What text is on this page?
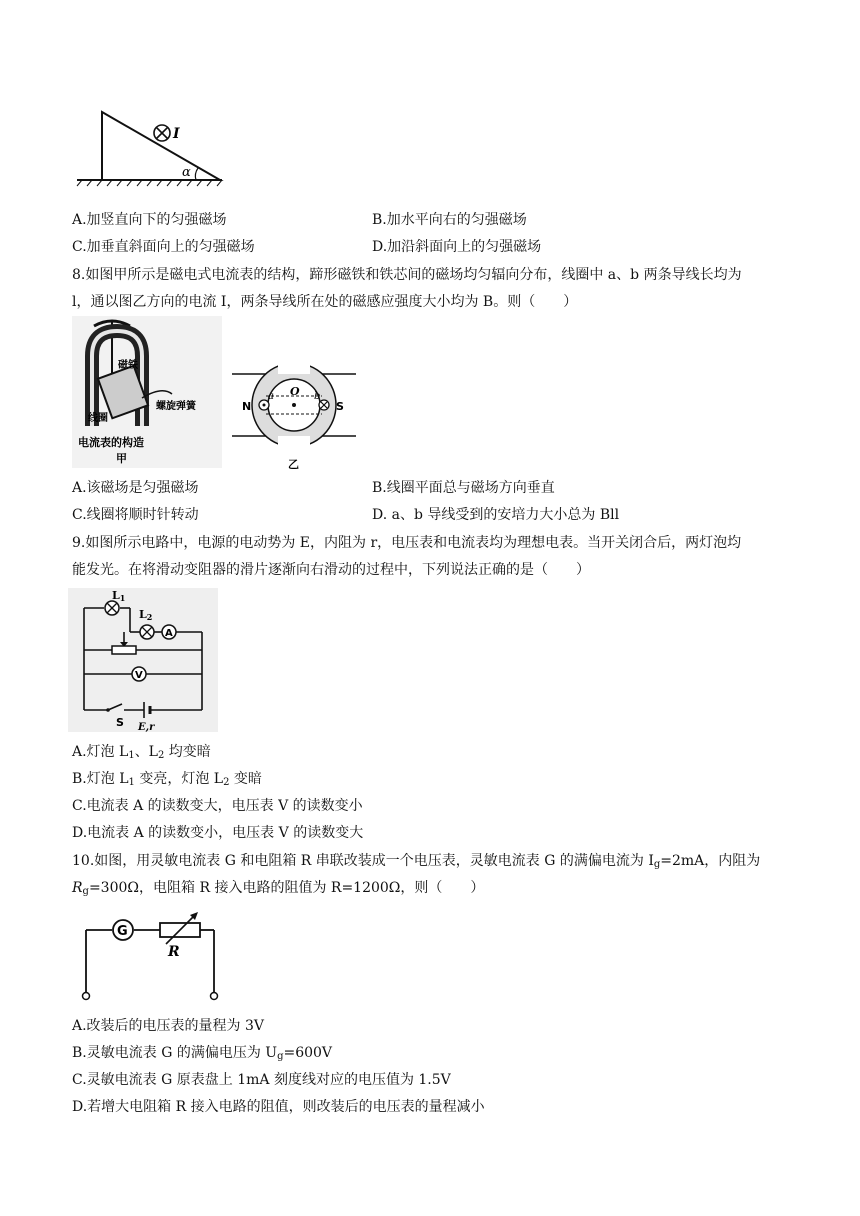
I
α
A.加竖直向下的匀强磁场	B.加水平向右的匀强磁场
C.加垂直斜面向上的匀强磁场	D.加沿斜面向上的匀强磁场
8.如图甲所示是磁电式电流表的结构，蹄形磁铁和铁芯间的磁场均匀辐向分布，线圈中 a、b 两条导线长均为
l，通以图乙方向的电流 I，两条导线所在处的磁感应强度大小均为 B。则（　　）
磁铁
螺旋弹簧
线圈
电流表的构造
甲
N	S
O
a	b
乙
A.该磁场是匀强磁场	B.线圈平面总与磁场方向垂直
C.线圈将顺时针转动	D. a、b 导线受到的安培力大小总为 Bll
9.如图所示电路中，电源的电动势为 E，内阻为 r，电压表和电流表均为理想电表。当开关闭合后，两灯泡均
能发光。在将滑动变阻器的滑片逐渐向右滑动的过程中，下列说法正确的是（　　）
A
V
L1
L2
S E,r
A.灯泡 $L_1$、$L_2$ 均变暗
B.灯泡 $L_1$ 变亮，灯泡 $L_2$ 变暗
C.电流表 A 的读数变大，电压表 V 的读数变小
D.电流表 A 的读数变小，电压表 V 的读数变大
10.如图，用灵敏电流表 G 和电阻箱 R 串联改装成一个电压表，灵敏电流表 G 的满偏电流为 $I_g=2mA$，内阻为
$R_g=300\Omega$，电阻箱 R 接入电路的阻值为 R=1200Ω，则（　　）
G
R
A.改装后的电压表的量程为 3V
B.灵敏电流表 G 的满偏电压为 $U_g=600V$
C.灵敏电流表 G 原表盘上 1mA 刻度线对应的电压值为 1.5V
D.若增大电阻箱 R 接入电路的阻值，则改装后的电压表的量程减小
